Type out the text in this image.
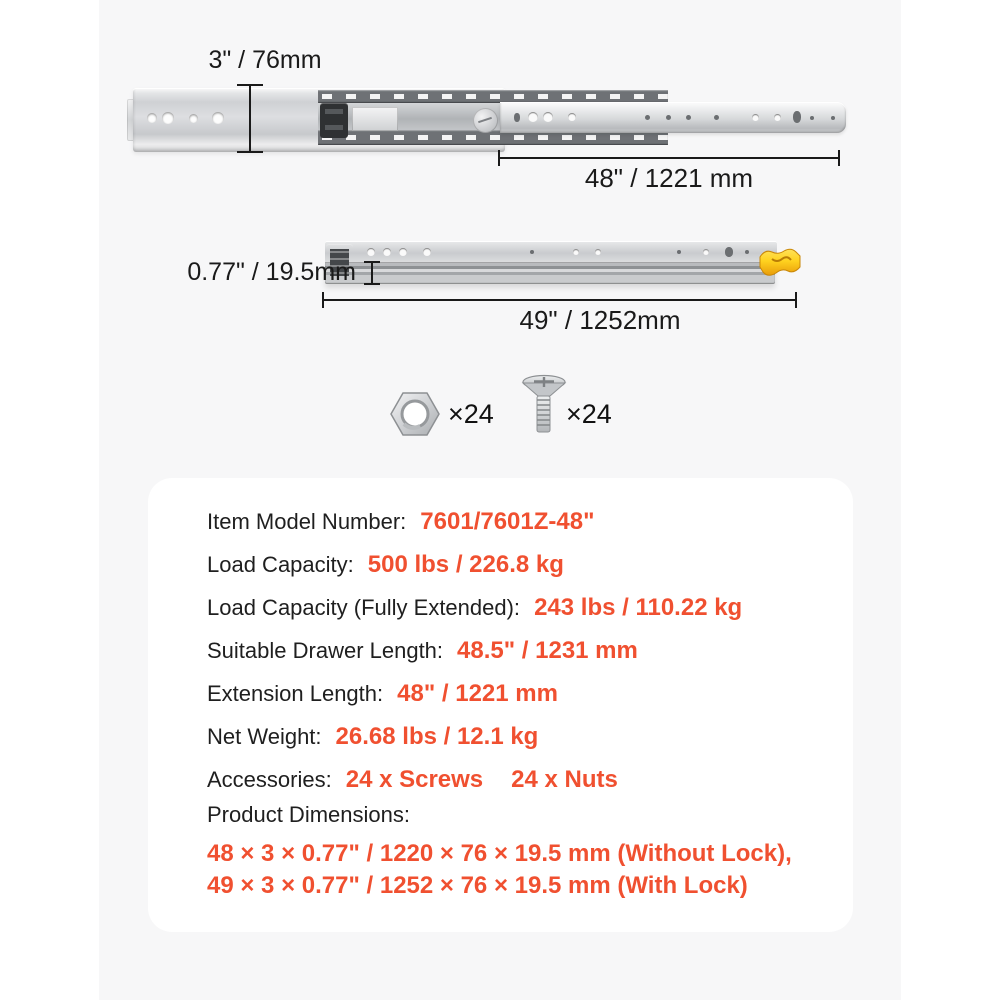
3" / 76mm
48" / 1221 mm
0.77" / 19.5mm
49" / 1252mm
×24	×24
Item Model Number: 7601/7601Z-48"
Load Capacity: 500 lbs / 226.8 kg
Load Capacity (Fully Extended): 243 lbs / 110.22 kg
Suitable Drawer Length: 48.5" / 1231 mm
Extension Length: 48" / 1221 mm
Net Weight: 26.68 lbs / 12.1 kg
Accessories: 24 x Screws 24 x Nuts
Product Dimensions:
48 × 3 × 0.77" / 1220 × 76 × 19.5 mm (Without Lock),
49 × 3 × 0.77" / 1252 × 76 × 19.5 mm (With Lock)
